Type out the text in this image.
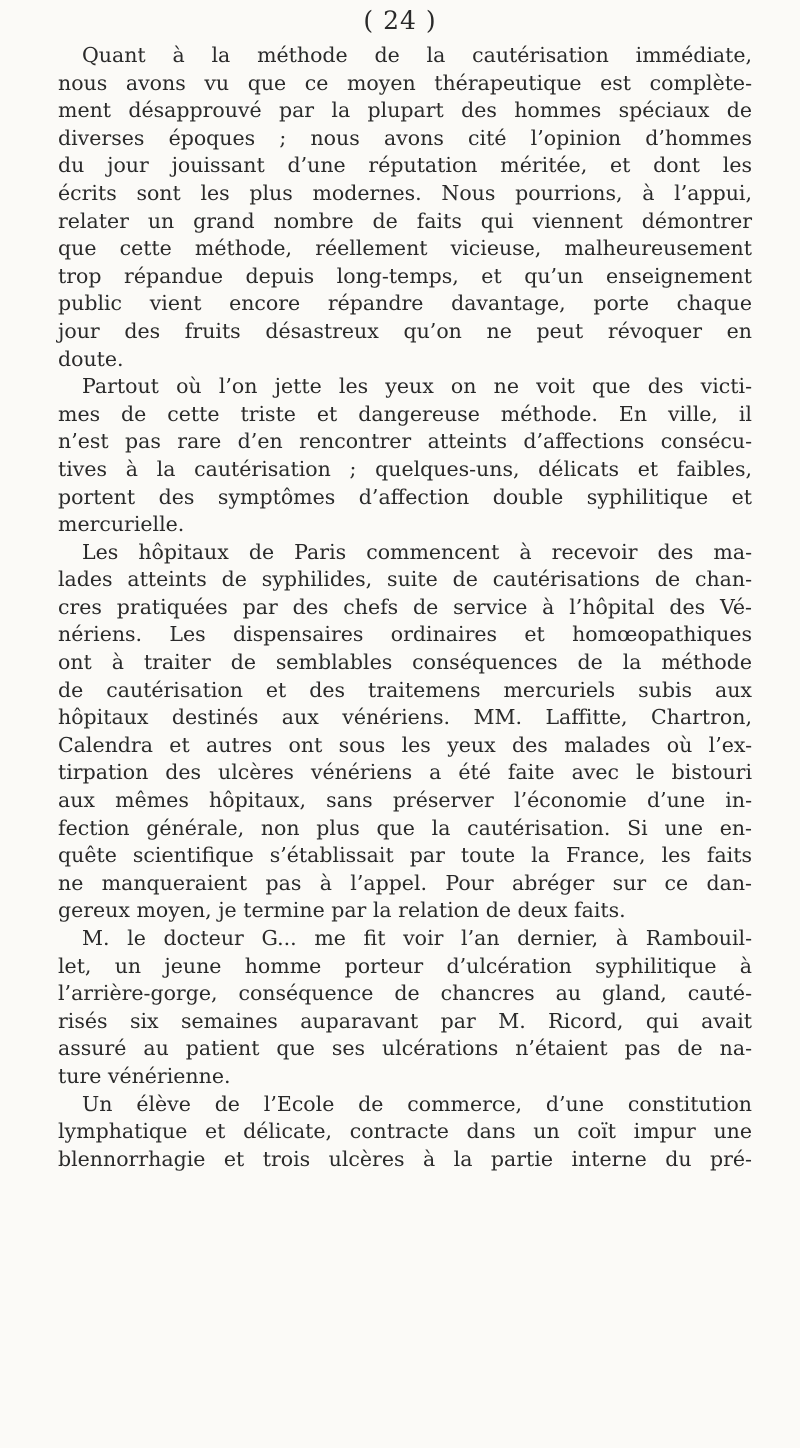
( 24 )
Quant à la méthode de la cautérisation immédiate,
nous avons vu que ce moyen thérapeutique est complète-
ment désapprouvé par la plupart des hommes spéciaux de
diverses époques ; nous avons cité l’opinion d’hommes
du jour jouissant d’une réputation méritée, et dont les
écrits sont les plus modernes. Nous pourrions, à l’appui,
relater un grand nombre de faits qui viennent démontrer
que cette méthode, réellement vicieuse, malheureusement
trop répandue depuis long-temps, et qu’un enseignement
public vient encore répandre davantage, porte chaque
jour des fruits désastreux qu’on ne peut révoquer en
doute.
Partout où l’on jette les yeux on ne voit que des victi-
mes de cette triste et dangereuse méthode. En ville, il
n’est pas rare d’en rencontrer atteints d’affections consécu-
tives à la cautérisation ; quelques-uns, délicats et faibles,
portent des symptômes d’affection double syphilitique et
mercurielle.
Les hôpitaux de Paris commencent à recevoir des ma-
lades atteints de syphilides, suite de cautérisations de chan-
cres pratiquées par des chefs de service à l’hôpital des Vé-
nériens. Les dispensaires ordinaires et homœopathiques
ont à traiter de semblables conséquences de la méthode
de cautérisation et des traitemens mercuriels subis aux
hôpitaux destinés aux vénériens. MM. Laffitte, Chartron,
Calendra et autres ont sous les yeux des malades où l’ex-
tirpation des ulcères vénériens a été faite avec le bistouri
aux mêmes hôpitaux, sans préserver l’économie d’une in-
fection générale, non plus que la cautérisation. Si une en-
quête scientifique s’établissait par toute la France, les faits
ne manqueraient pas à l’appel. Pour abréger sur ce dan-
gereux moyen, je termine par la relation de deux faits.
M. le docteur G... me fit voir l’an dernier, à Rambouil-
let, un jeune homme porteur d’ulcération syphilitique à
l’arrière-gorge, conséquence de chancres au gland, cauté-
risés six semaines auparavant par M. Ricord, qui avait
assuré au patient que ses ulcérations n’étaient pas de na-
ture vénérienne.
Un élève de l’Ecole de commerce, d’une constitution
lymphatique et délicate, contracte dans un coït impur une
blennorrhagie et trois ulcères à la partie interne du pré-
